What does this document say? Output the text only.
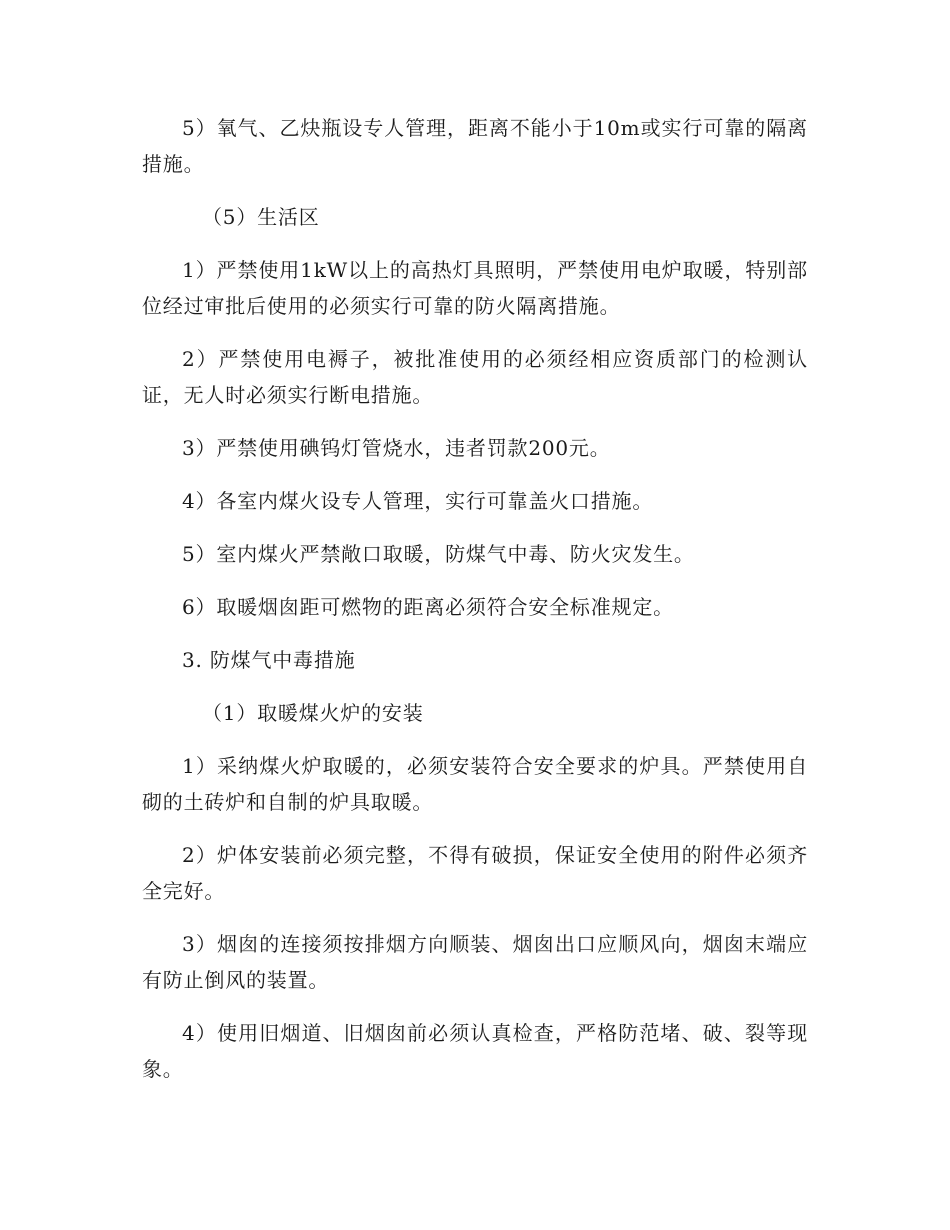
5）氧气、乙炔瓶设专人管理，距离不能小于10m或实行可靠的隔离措施。

（5）生活区

1）严禁使用1kW以上的高热灯具照明，严禁使用电炉取暖，特别部位经过审批后使用的必须实行可靠的防火隔离措施。

2）严禁使用电褥子，被批准使用的必须经相应资质部门的检测认证，无人时必须实行断电措施。

3）严禁使用碘钨灯管烧水，违者罚款200元。

4）各室内煤火设专人管理，实行可靠盖火口措施。

5）室内煤火严禁敞口取暖，防煤气中毒、防火灾发生。

6）取暖烟囱距可燃物的距离必须符合安全标准规定。

3. 防煤气中毒措施

（1）取暖煤火炉的安装

1）采纳煤火炉取暖的，必须安装符合安全要求的炉具。严禁使用自砌的土砖炉和自制的炉具取暖。

2）炉体安装前必须完整，不得有破损，保证安全使用的附件必须齐全完好。

3）烟囱的连接须按排烟方向顺装、烟囱出口应顺风向，烟囱末端应有防止倒风的装置。

4）使用旧烟道、旧烟囱前必须认真检查，严格防范堵、破、裂等现象。
